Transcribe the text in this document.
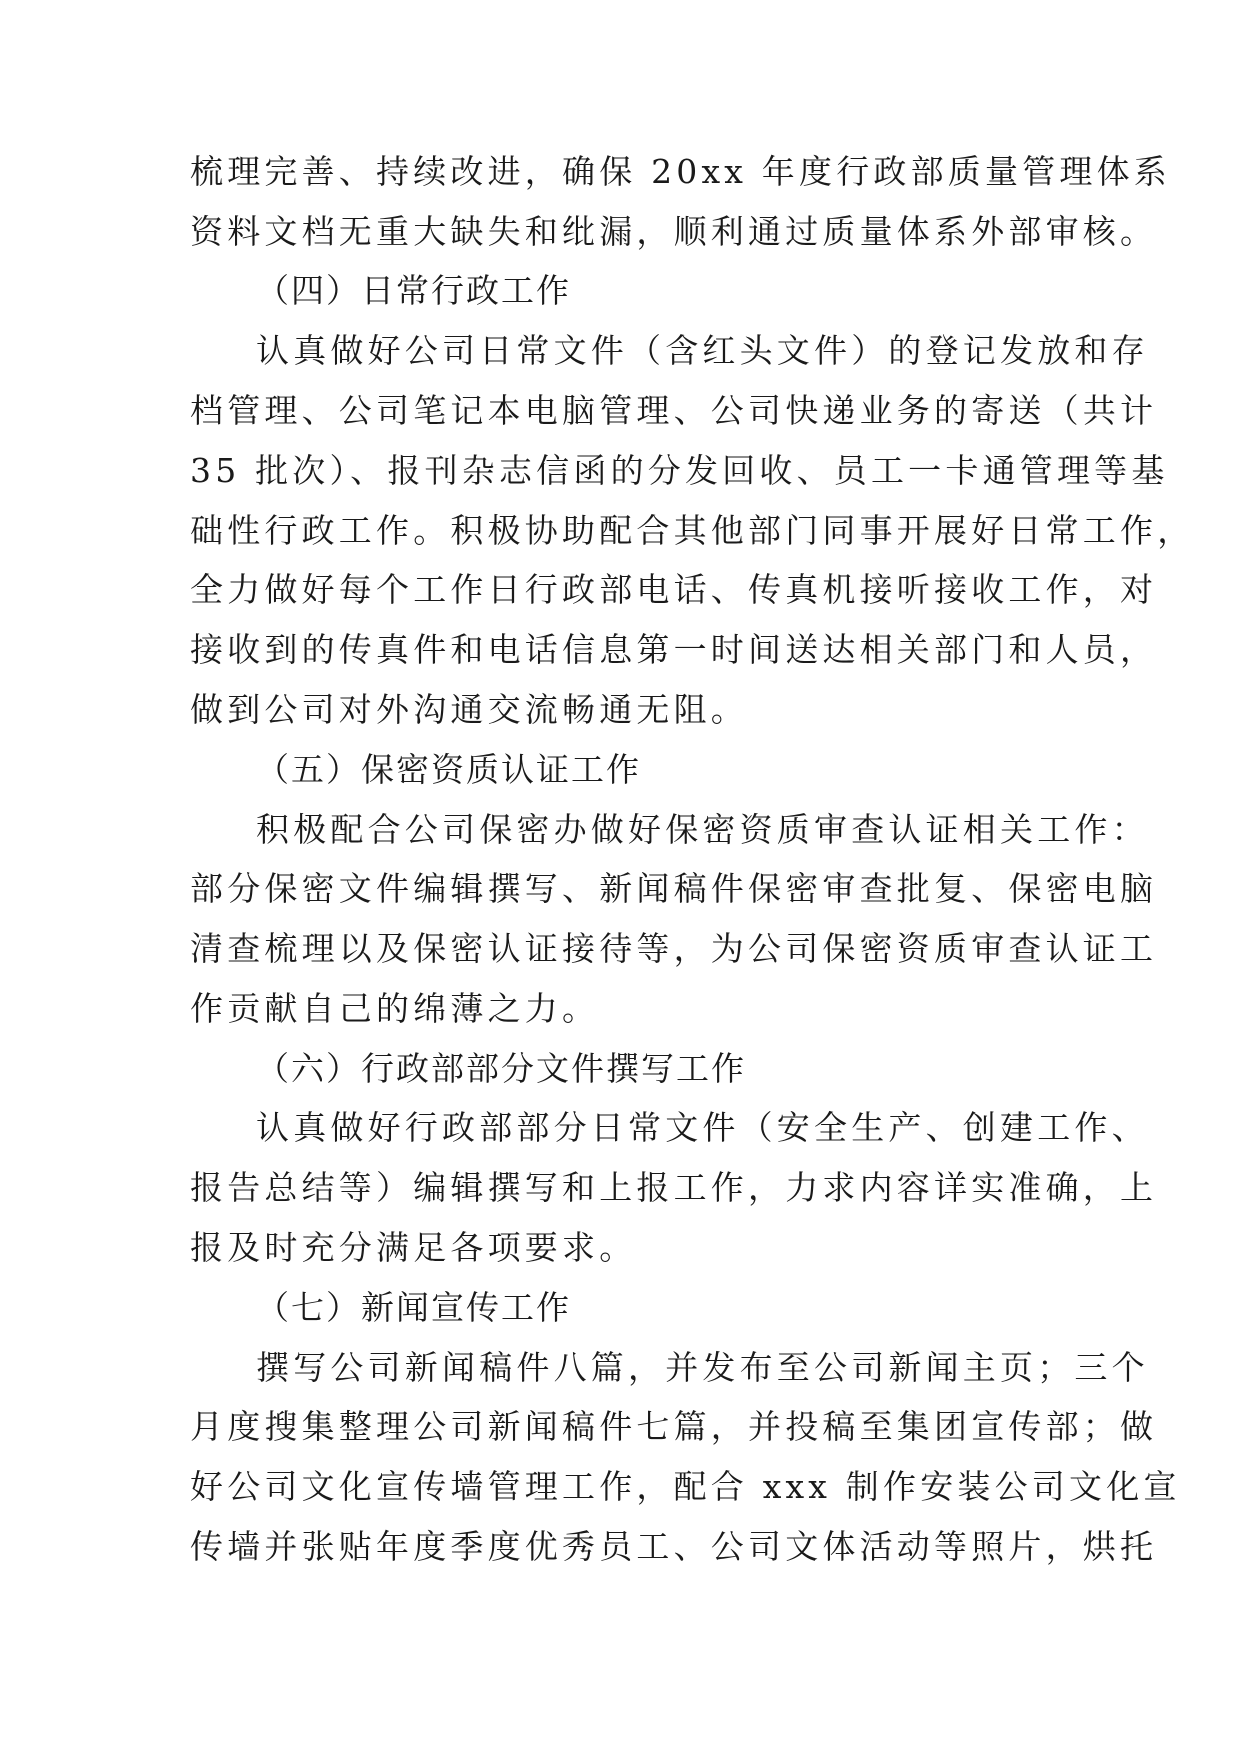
梳理完善、持续改进，确保 20xx 年度行政部质量管理体系
资料文档无重大缺失和纰漏，顺利通过质量体系外部审核。
（四）日常行政工作
认真做好公司日常文件（含红头文件）的登记发放和存
档管理、公司笔记本电脑管理、公司快递业务的寄送（共计
35 批次）、报刊杂志信函的分发回收、员工一卡通管理等基
础性行政工作。积极协助配合其他部门同事开展好日常工作，
全力做好每个工作日行政部电话、传真机接听接收工作，对
接收到的传真件和电话信息第一时间送达相关部门和人员，
做到公司对外沟通交流畅通无阻。
（五）保密资质认证工作
积极配合公司保密办做好保密资质审查认证相关工作：
部分保密文件编辑撰写、新闻稿件保密审查批复、保密电脑
清查梳理以及保密认证接待等，为公司保密资质审查认证工
作贡献自己的绵薄之力。
（六）行政部部分文件撰写工作
认真做好行政部部分日常文件（安全生产、创建工作、
报告总结等）编辑撰写和上报工作，力求内容详实准确，上
报及时充分满足各项要求。
（七）新闻宣传工作
撰写公司新闻稿件八篇，并发布至公司新闻主页；三个
月度搜集整理公司新闻稿件七篇，并投稿至集团宣传部；做
好公司文化宣传墙管理工作，配合 xxx 制作安装公司文化宣
传墙并张贴年度季度优秀员工、公司文体活动等照片，烘托
